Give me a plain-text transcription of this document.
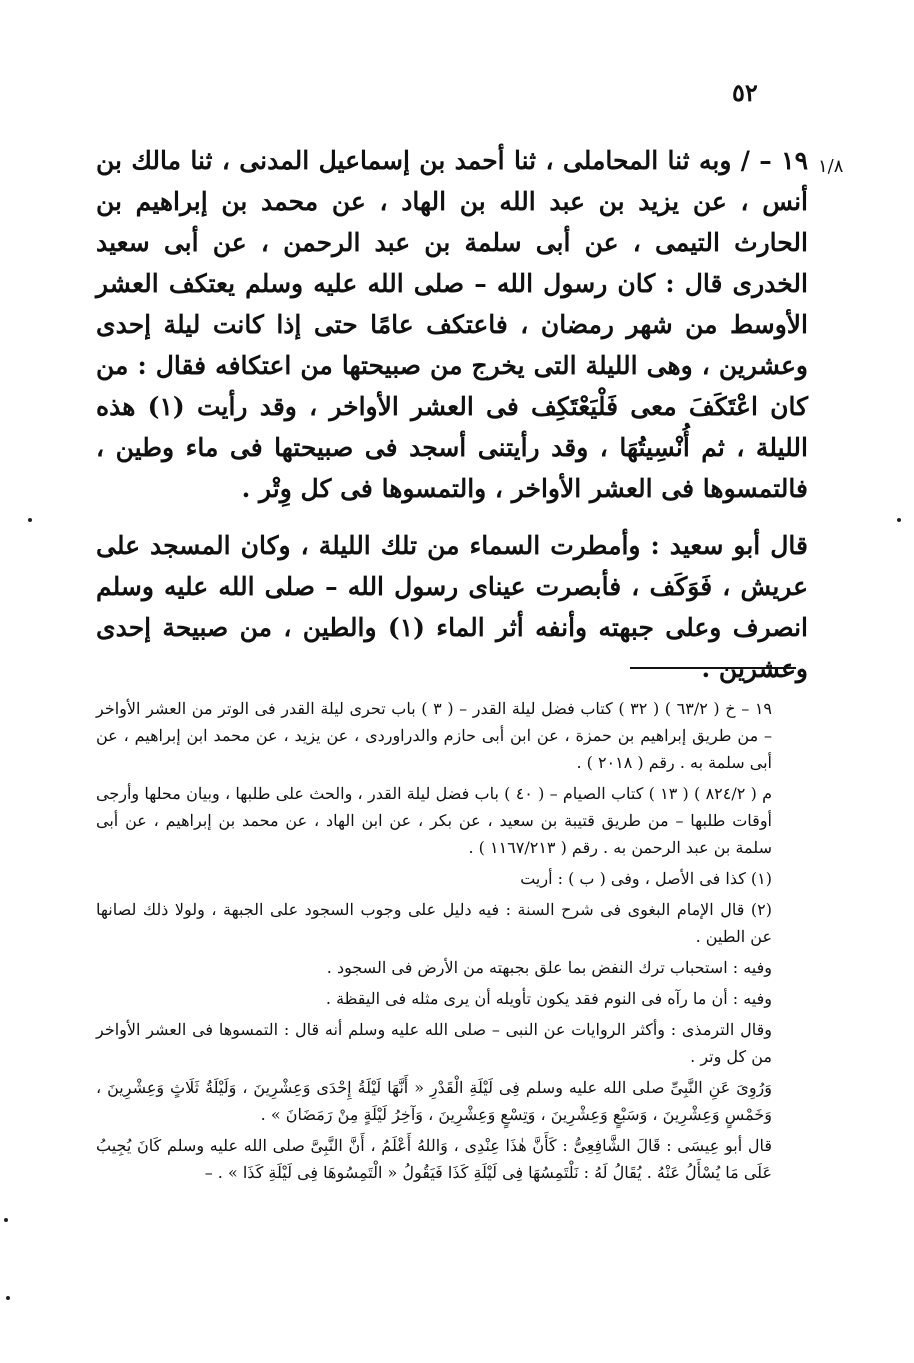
٥٢
١/٨

١٩ – / وبه ثنا المحاملى ، ثنا أحمد بن إسماعيل المدنى ، ثنا مالك بن أنس ، عن يزيد بن عبد الله بن الهاد ، عن محمد بن إبراهيم بن الحارث التيمى ، عن أبى سلمة بن عبد الرحمن ، عن أبى سعيد الخدرى قال : كان رسول الله – صلى الله عليه وسلم يعتكف العشر الأوسط من شهر رمضان ، فاعتكف عامًا حتى إذا كانت ليلة إحدى وعشرين ، وهى الليلة التى يخرج من صبيحتها من اعتكافه فقال : من كان اعْتَكَفَ معى فَلْيَعْتَكِف فى العشر الأواخر ، وقد رأيت (١) هذه الليلة ، ثم أُنْسِيتُهَا ، وقد رأيتنى أسجد فى صبيحتها فى ماء وطين ، فالتمسوها فى العشر الأواخر ، والتمسوها فى كل وِتْر .

قال أبو سعيد : وأمطرت السماء من تلك الليلة ، وكان المسجد على عريش ، فَوَكَف ، فأبصرت عيناى رسول الله – صلى الله عليه وسلم انصرف وعلى جبهته وأنفه أثر الماء (١) والطين ، من صبيحة إحدى وعشرين .

١٩ – خ ( ٦٣/٢ ) ( ٣٢ ) كتاب فضل ليلة القدر – ( ٣ ) باب تحرى ليلة القدر فى الوتر من العشر الأواخر – من طريق إبراهيم بن حمزة ، عن ابن أبى حازم والدراوردى ، عن يزيد ، عن محمد ابن إبراهيم ، عن أبى سلمة به . رقم ( ٢٠١٨ ) .

م ( ٨٢٤/٢ ) ( ١٣ ) كتاب الصيام – ( ٤٠ ) باب فضل ليلة القدر ، والحث على طلبها ، وبيان محلها وأرجى أوقات طلبها – من طريق قتيبة بن سعيد ، عن بكر ، عن ابن الهاد ، عن محمد بن إبراهيم ، عن أبى سلمة بن عبد الرحمن به . رقم ( ١١٦٧/٢١٣ ) .

(١) كذا فى الأصل ، وفى ( ب ) : أريت

(٢) قال الإمام البغوى فى شرح السنة : فيه دليل على وجوب السجود على الجبهة ، ولولا ذلك لصانها عن الطين .

وفيه : استحباب ترك النفض بما علق بجبهته من الأرض فى السجود .

وفيه : أن ما رآه فى النوم فقد يكون تأويله أن يرى مثله فى اليقظة .

وقال الترمذى : وأكثر الروايات عن النبى – صلى الله عليه وسلم أنه قال : التمسوها فى العشر الأواخر من كل وتر .

وَرُوِىَ عَنِ النَّبِىِّ صلى الله عليه وسلم فِى لَيْلَةِ الْقَدْرِ « أَنَّهَا لَيْلَةُ إِحْدَى وَعِشْرِينَ ، وَلَيْلَةُ ثَلَاثٍ وَعِشْرِينَ ، وَخَمْسٍ وَعِشْرِينَ ، وَسَبْعٍ وَعِشْرِينَ ، وَتِسْعٍ وَعِشْرِينَ ، وَآخِرُ لَيْلَةٍ مِنْ رَمَضَانَ » .

قال أبو عِيسَى : قَالَ الشَّافِعِىُّ : كَأَنَّ هٰذَا عِنْدِى ، وَاللهُ أَعْلَمُ ، أَنَّ النَّبِىَّ صلى الله عليه وسلم كَانَ يُجِيبُ عَلَى مَا يُسْأَلُ عَنْهُ . يُقَالُ لَهُ : نَلْتَمِسُهَا فِى لَيْلَةِ كَذَا فَيَقُولُ « الْتَمِسُوهَا فِى لَيْلَةِ كَذَا » . –
